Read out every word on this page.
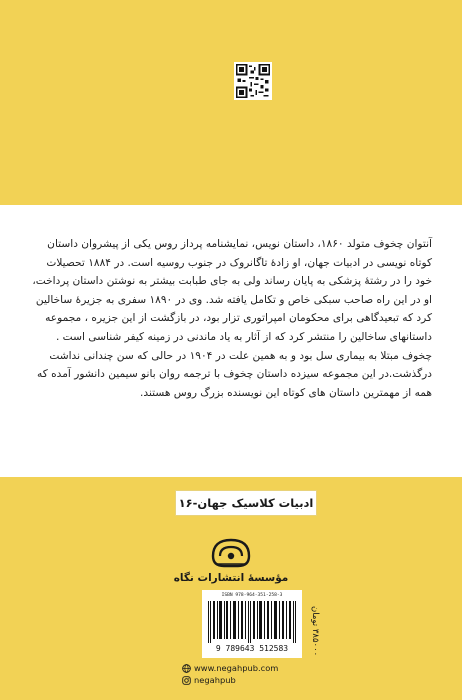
آنتوان چخوف متولد ۱۸۶۰، داستان نویس، نمایشنامه پرداز روس یکی از پیشروان داستان کوتاه نویسی در ادبیات جهان، او زادهٔ تاگانروک در جنوب روسیه است. در ۱۸۸۴ تحصیلات خود را در رشتهٔ پزشکی به پایان رساند ولی به جای طبابت بیشتر به نوشتن داستان پرداخت، او در این راه صاحب سبکی خاص و تکامل یافته شد. وی در ۱۸۹۰ سفری به جزیرهٔ ساخالین کرد که تبعیدگاهی برای محکومان امپراتوری تزار بود، در بازگشت از این جزیره ، مجموعه داستانهای ساخالین را منتشر کرد که از آثار به یاد ماندنی در زمینه کیفر شناسی است .

چخوف مبتلا به بیماری سل بود و به همین علت در ۱۹۰۴ در حالی که سن چندانی نداشت درگذشت.در این مجموعه سیزده داستان چخوف با ترجمه روان بانو سیمین دانشور آمده که همه از مهمترین داستان های کوتاه این نویسنده بزرگ روس هستند.

ادبیات کلاسیک جهان-۱۶
مؤسسهٔ انتشارات نگاه
ISBN 978-964-351-258-3
9 789643 512583
۳۸۵۰۰۰ تومان
www.negahpub.com
negahpub
